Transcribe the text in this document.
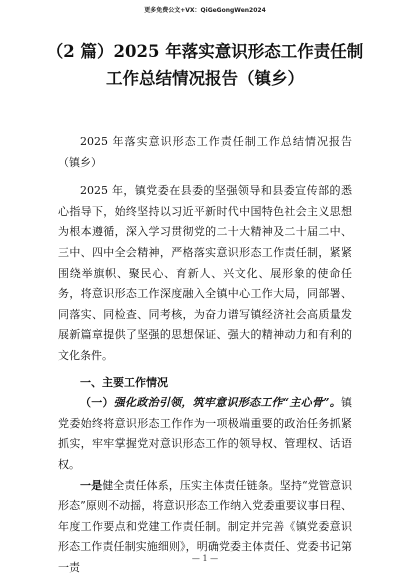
更多免费公文+VX：QiGeGongWen2024
（2 篇）2025 年落实意识形态工作责任制
工作总结情况报告（镇乡）

2025 年落实意识形态工作责任制工作总结情况报告（镇乡）

2025 年，镇党委在县委的坚强领导和县委宣传部的悉心指导下，始终坚持以习近平新时代中国特色社会主义思想为根本遵循，深入学习贯彻党的二十大精神及二十届二中、三中、四中全会精神，严格落实意识形态工作责任制，紧紧围绕举旗帜、聚民心、育新人、兴文化、展形象的使命任务，将意识形态工作深度融入全镇中心工作大局，同部署、同落实、同检查、同考核，为奋力谱写镇经济社会高质量发展新篇章提供了坚强的思想保证、强大的精神动力和有利的文化条件。

一、主要工作情况

（一）强化政治引领，筑牢意识形态工作“主心骨”。镇党委始终将意识形态工作作为一项极端重要的政治任务抓紧抓实，牢牢掌握党对意识形态工作的领导权、管理权、话语权。

一是健全责任体系，压实主体责任链条。坚持“党管意识形态”原则不动摇，将意识形态工作纳入党委重要议事日程、年度工作要点和党建工作责任制。制定并完善《镇党委意识形态工作责任制实施细则》，明确党委主体责任、党委书记第一责

— 1 —
